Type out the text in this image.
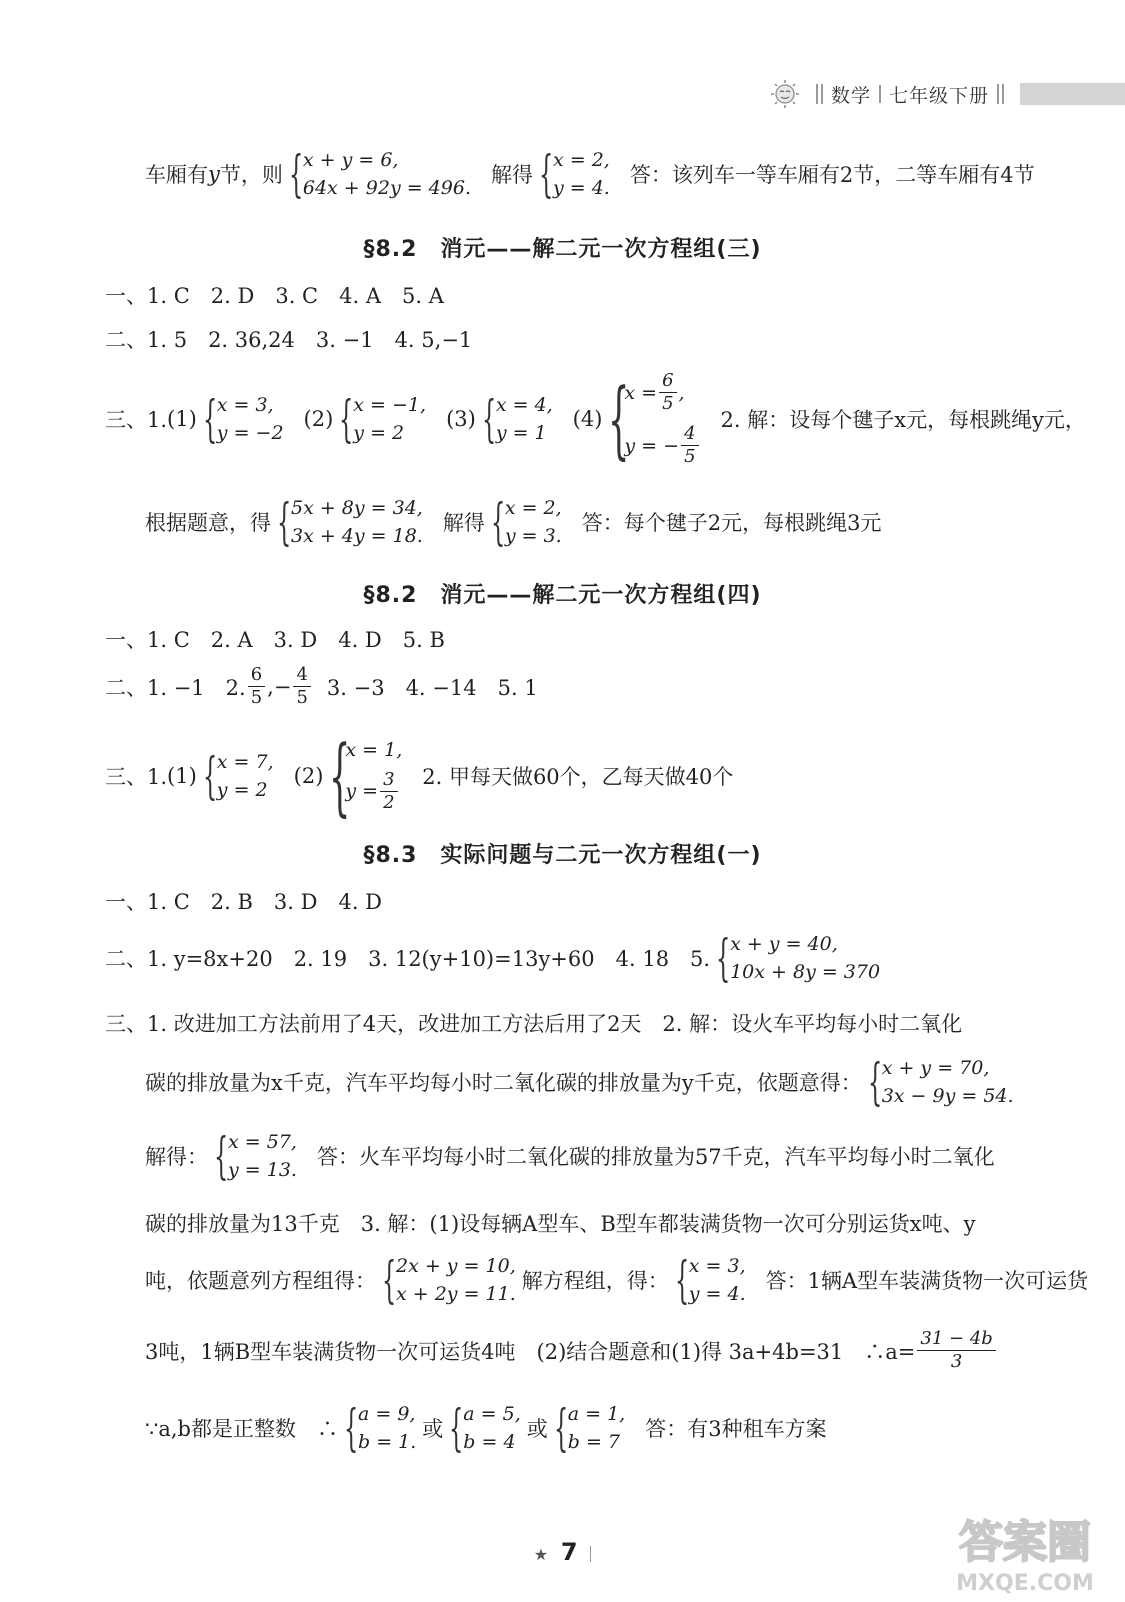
数学 七年级下册
车厢有 y 节，则 { x + y = 6,
64x + 92y = 496.
解得 { x = 2,
y = 4.
答：该列车一等车厢有2节，二等车厢有4节
§8.2　消元——解二元一次方程组(三)
一、1. C　2. D　3. C　4. A　5. A
二、1. 5　2. 36,24　3. −1　4. 5,−1
三、1. (1) { x = 3,
y = −2
(2) { x = −1,
y = 2
(3) { x = 4,
y = 1
(4) {
$x = \frac{6}{5}$ ,
y = − $\frac{4}{5}$
2. 解：设每个毽子x元，每根跳绳y元，
根据题意，得 { 5x + 8y = 34,
3x + 4y = 18.
解得 { x = 2,
y = 3.
答：每个毽子2元，每根跳绳3元
§8.2　消元——解二元一次方程组(四)
一、1. C　2. A　3. D　4. D　5. B
二、1. −1　2. $\frac{6}{5}$ ,− $\frac{4}{5} 3$. −3　4. −14　5. 1
三、1. (1) { x = 7,
y = 2
(2) {
x = 1,
$y = \frac{3}{2} 2$. 甲每天做60个，乙每天做40个
§8.3　实际问题与二元一次方程组(一)
一、1. C　2. B　3. D　4. D
二、1. y=8x+20　2. 19　3. 12(y+10)=13y+60　4. 18　5. { x + y = 40,
10x + 8y = 370
三、1. 改进加工方法前用了4天，改进加工方法后用了2天　2. 解：设火车平均每小时二氧化
碳的排放量为x千克，汽车平均每小时二氧化碳的排放量为y千克，依题意得： { x + y = 70,
3x − 9y = 54.
解得： { x = 57,
y = 13.
答：火车平均每小时二氧化碳的排放量为57千克，汽车平均每小时二氧化
碳的排放量为13千克　3. 解：(1)设每辆A型车、B型车都装满货物一次可分别运货x吨、y
吨，依题意列方程组得： { 2x + y = 10,
x + 2y = 11.
解方程组，得： { x = 3,
y = 4.
答：1辆A型车装满货物一次可运货
3吨，1辆B型车装满货物一次可运货4吨　(2)结合题意和(1)得 3a+4b=31　∴a= $\frac{31 - 4b}{3}$
∵a,b都是正整数　∴ { a = 9,
b = 1.
或 { a = 5,
b = 4
或 { a = 1,
b = 7
答：有3种租车方案
★ 7	答案圈
MXQE.COM
